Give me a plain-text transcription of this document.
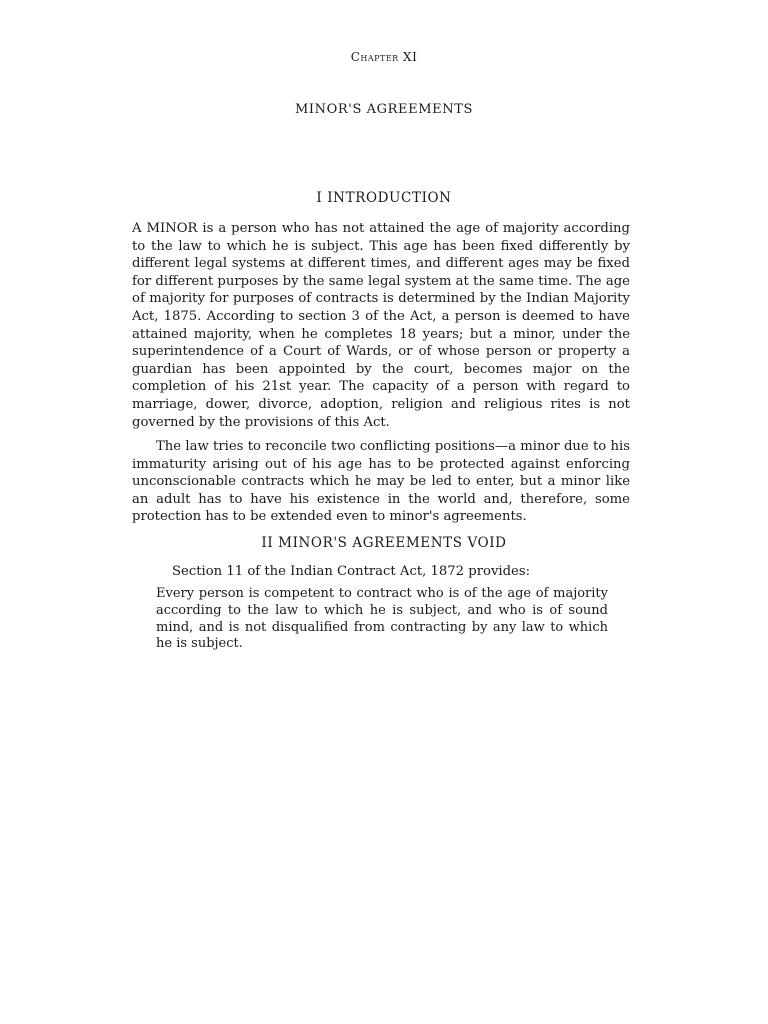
Chapter XI
MINOR'S AGREEMENTS
I INTRODUCTION

A MINOR is a person who has not attained the age of majority according to the law to which he is subject. This age has been fixed differently by different legal systems at different times, and different ages may be fixed for different purposes by the same legal system at the same time. The age of majority for purposes of contracts is determined by the Indian Majority Act, 1875. According to section 3 of the Act, a person is deemed to have attained majority, when he completes 18 years; but a minor, under the superintendence of a Court of Wards, or of whose person or property a guardian has been appointed by the court, becomes major on the completion of his 21st year. The capacity of a person with regard to marriage, dower, divorce, adoption, religion and religious rites is not governed by the provisions of this Act.

The law tries to reconcile two conflicting positions—a minor due to his immaturity arising out of his age has to be protected against enforcing unconscionable contracts which he may be led to enter, but a minor like an adult has to have his existence in the world and, therefore, some protection has to be extended even to minor's agreements.

II MINOR'S AGREEMENTS VOID

Section 11 of the Indian Contract Act, 1872 provides:

Every person is competent to contract who is of the age of majority according to the law to which he is subject, and who is of sound mind, and is not disqualified from contracting by any law to which he is subject.
